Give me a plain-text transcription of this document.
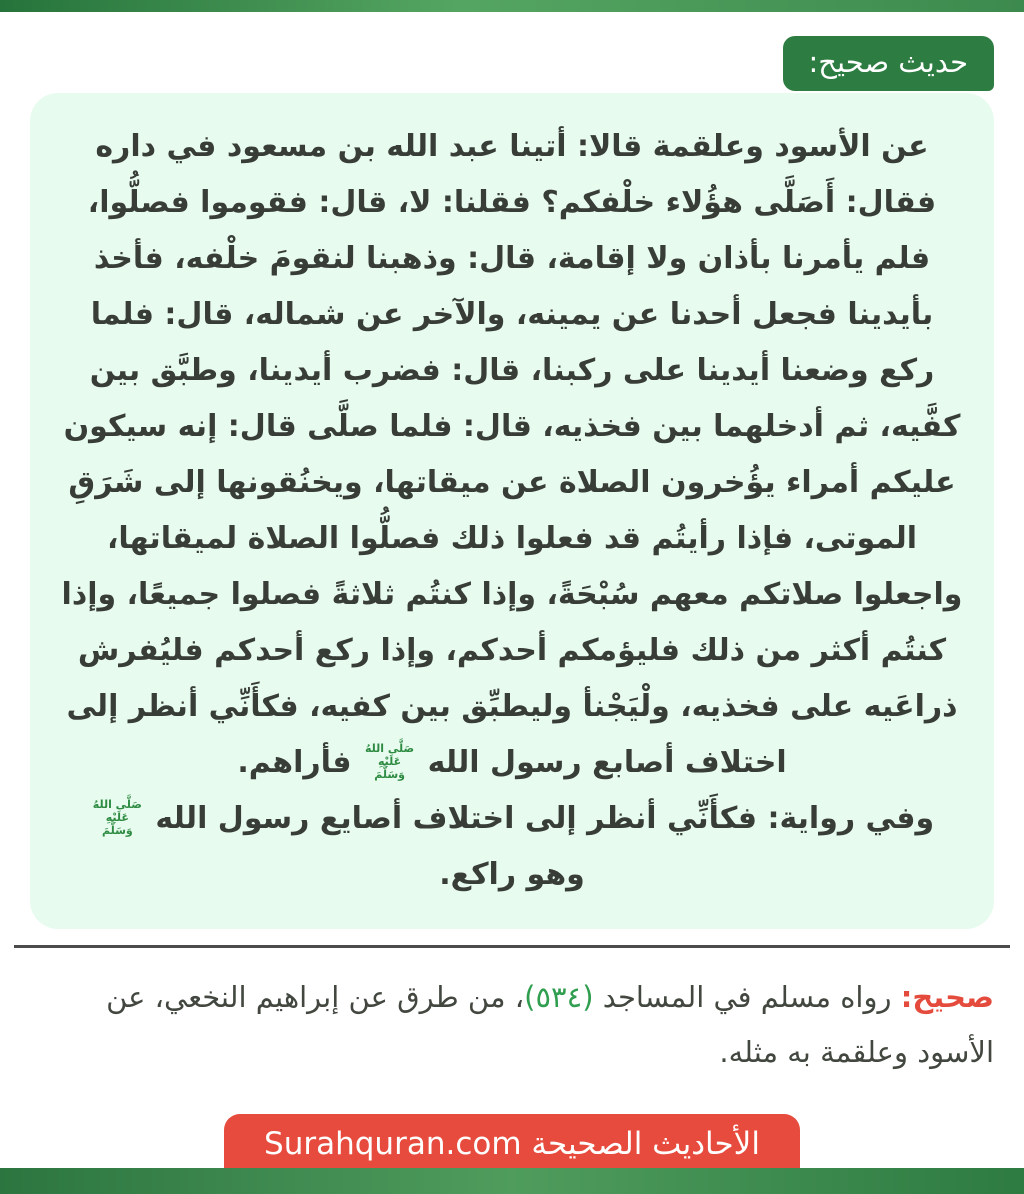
حديث صحيح:

عن الأسود وعلقمة قالا: أتينا عبد الله بن مسعود في داره فقال: أَصَلَّى هؤُلاء خلْفكم؟ فقلنا: لا، قال: فقوموا فصلُّوا، فلم يأمرنا بأذان ولا إقامة، قال: وذهبنا لنقومَ خلْفه، فأخذ بأيدينا فجعل أحدنا عن يمينه، والآخر عن شماله، قال: فلما ركع وضعنا أيدينا على ركبنا، قال: فضرب أيدينا، وطبَّق بين كفَّيه، ثم أدخلهما بين فخذيه، قال: فلما صلَّى قال: إنه سيكون عليكم أمراء يؤُخرون الصلاة عن ميقاتها، ويخنُقونها إلى شَرَقِ الموتى، فإذا رأيتُم قد فعلوا ذلك فصلُّوا الصلاة لميقاتها، واجعلوا صلاتكم معهم سُبْحَةً، وإذا كنتُم ثلاثةً فصلوا جميعًا، وإذا كنتُم أكثر من ذلك فليؤمكم أحدكم، وإذا ركع أحدكم فليُفرش ذراعَيه على فخذيه، ولْيَجْنأ وليطبِّق بين كفيه، فكأَنِّي أنظر إلى اختلاف أصابع رسول الله
صَلَّى اللهُ
عَلَيْهِ
وَسَلَّمَ
فأراهم.

وفي رواية: فكأَنِّي أنظر إلى اختلاف أصايع رسول الله
صَلَّى اللهُ
عَلَيْهِ
وَسَلَّمَ
وهو راكع.

صحيح: رواه مسلم في المساجد (٥٣٤)، من طرق عن إبراهيم النخعي، عن الأسود وعلقمة به مثله.

الأحاديث الصحيحة Surahquran.com
